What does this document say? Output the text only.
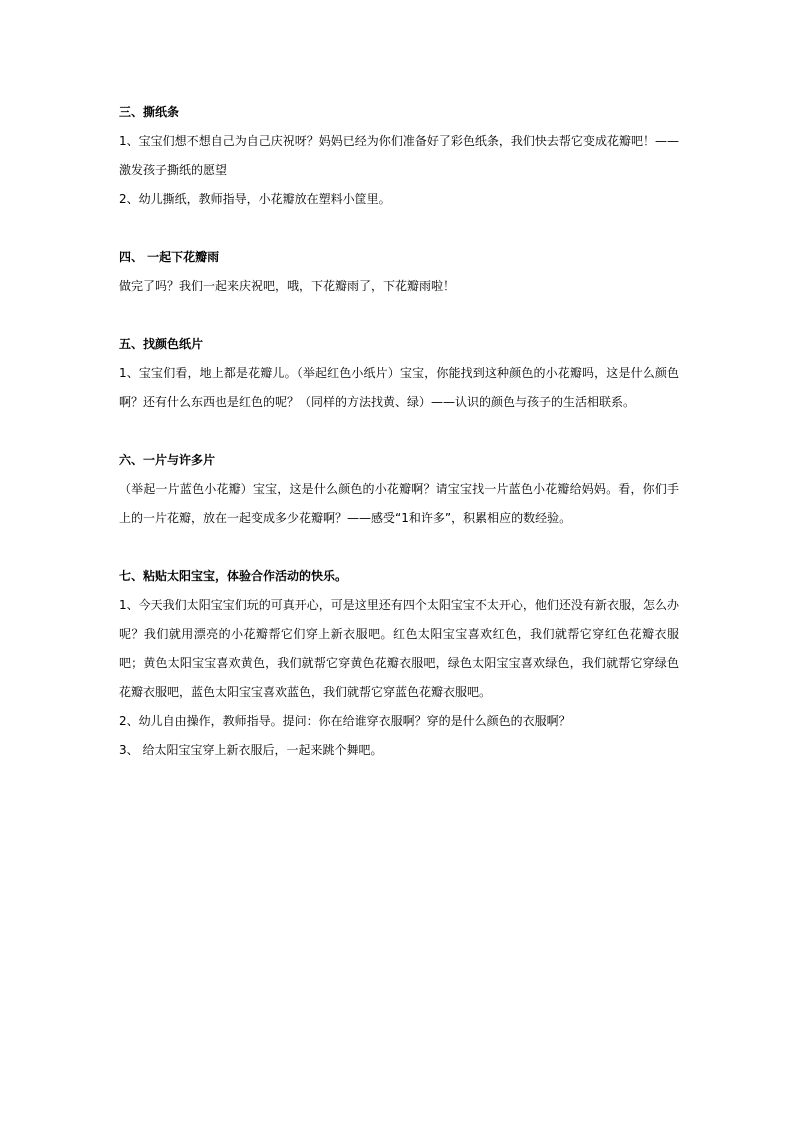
三、撕纸条

1、宝宝们想不想自己为自己庆祝呀？妈妈已经为你们准备好了彩色纸条，我们快去帮它变成花瓣吧！——激发孩子撕纸的愿望

2、幼儿撕纸，教师指导，小花瓣放在塑料小筐里。

四、 一起下花瓣雨

做完了吗？我们一起来庆祝吧，哦，下花瓣雨了，下花瓣雨啦！

五、找颜色纸片

1、宝宝们看，地上都是花瓣儿。（举起红色小纸片）宝宝，你能找到这种颜色的小花瓣吗，这是什么颜色啊？还有什么东西也是红色的呢？（同样的方法找黄、绿）——认识的颜色与孩子的生活相联系。

六、一片与许多片

（举起一片蓝色小花瓣）宝宝，这是什么颜色的小花瓣啊？请宝宝找一片蓝色小花瓣给妈妈。看，你们手上的一片花瓣，放在一起变成多少花瓣啊？——感受“1和许多”，积累相应的数经验。

七、粘贴太阳宝宝，体验合作活动的快乐。

1、今天我们太阳宝宝们玩的可真开心，可是这里还有四个太阳宝宝不太开心，他们还没有新衣服，怎么办呢？我们就用漂亮的小花瓣帮它们穿上新衣服吧。红色太阳宝宝喜欢红色，我们就帮它穿红色花瓣衣服吧；黄色太阳宝宝喜欢黄色，我们就帮它穿黄色花瓣衣服吧，绿色太阳宝宝喜欢绿色，我们就帮它穿绿色花瓣衣服吧，蓝色太阳宝宝喜欢蓝色，我们就帮它穿蓝色花瓣衣服吧。

2、幼儿自由操作，教师指导。提问：你在给谁穿衣服啊？穿的是什么颜色的衣服啊？

3、 给太阳宝宝穿上新衣服后，一起来跳个舞吧。
